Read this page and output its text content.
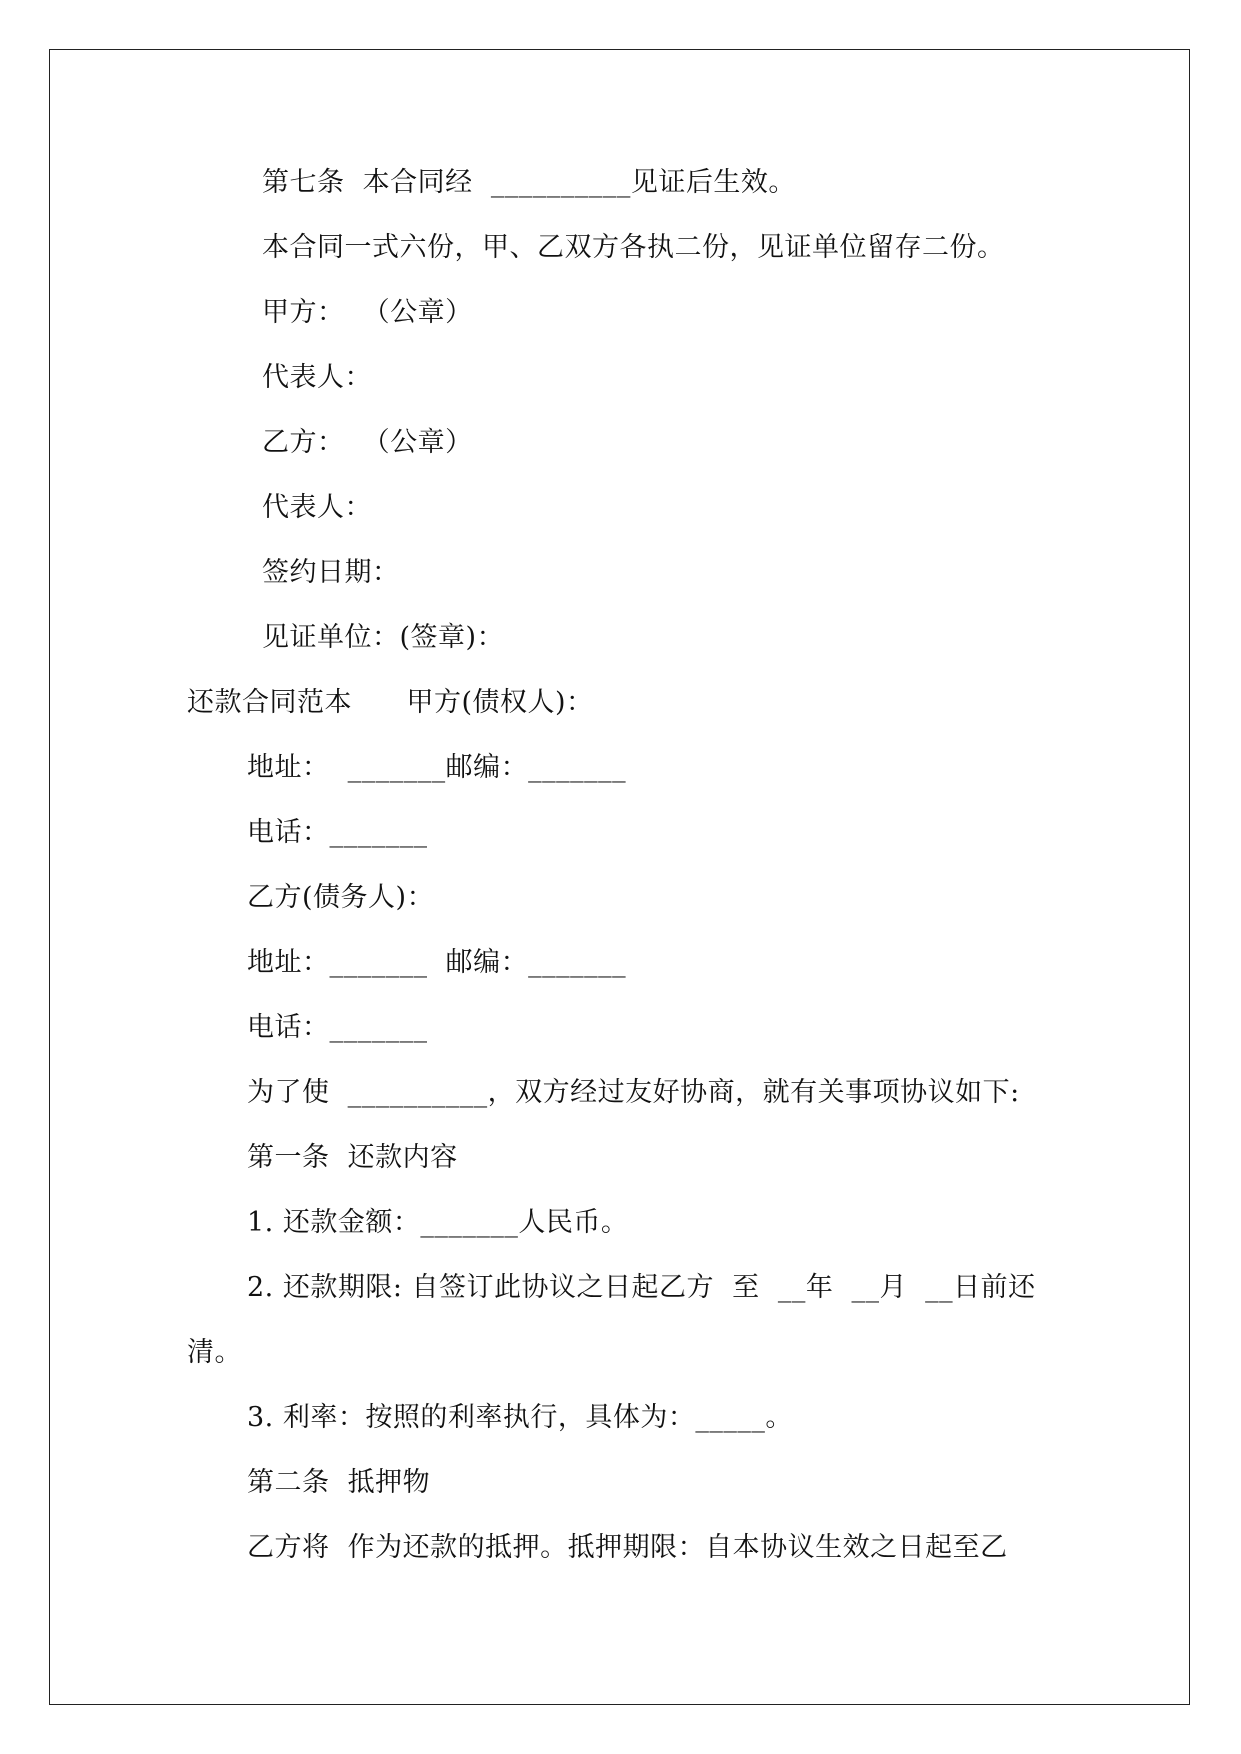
第七条  本合同经  __________见证后生效。
本合同一式六份，甲、乙双方各执二份，见证单位留存二份。
甲方：  （公章）
代表人：
乙方：  （公章）
代表人：
签约日期：
见证单位：(签章)：
还款合同范本      甲方(债权人)：
地址：  _______邮编：_______
电话：_______
乙方(债务人)：
地址：_______  邮编：_______
电话：_______
为了使  __________，双方经过友好协商，就有关事项协议如下:
第一条  还款内容
1. 还款金额：_______人民币。
2. 还款期限: 自签订此协议之日起乙方  至  __年  __月  __日前还
清。
3. 利率：按照的利率执行，具体为：_____。
第二条  抵押物
乙方将  作为还款的抵押。抵押期限：自本协议生效之日起至乙
